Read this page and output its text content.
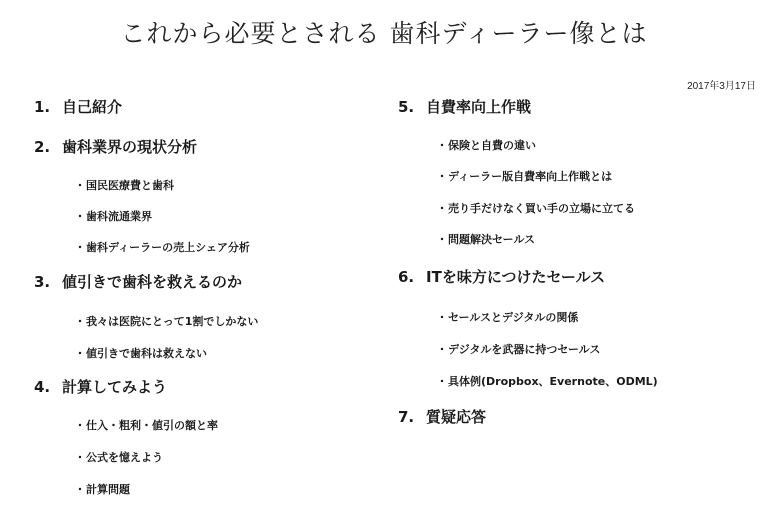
これから必要とされる 歯科ディーラー像とは
2017年3月17日
1. 自己紹介
2. 歯科業界の現状分析
・国民医療費と歯科
・歯科流通業界
・歯科ディーラーの売上シェア分析
3. 値引きで歯科を救えるのか
・我々は医院にとって1割でしかない
・値引きで歯科は救えない
4. 計算してみよう
・仕入・粗利・値引の額と率
・公式を憶えよう
・計算問題
5. 自費率向上作戦
・保険と自費の違い
・ディーラー版自費率向上作戦とは
・売り手だけなく買い手の立場に立てる
・問題解決セールス
6. ITを味方につけたセールス
・セールスとデジタルの関係
・デジタルを武器に持つセールス
・具体例(Dropbox、Evernote、ODML)
7. 質疑応答
